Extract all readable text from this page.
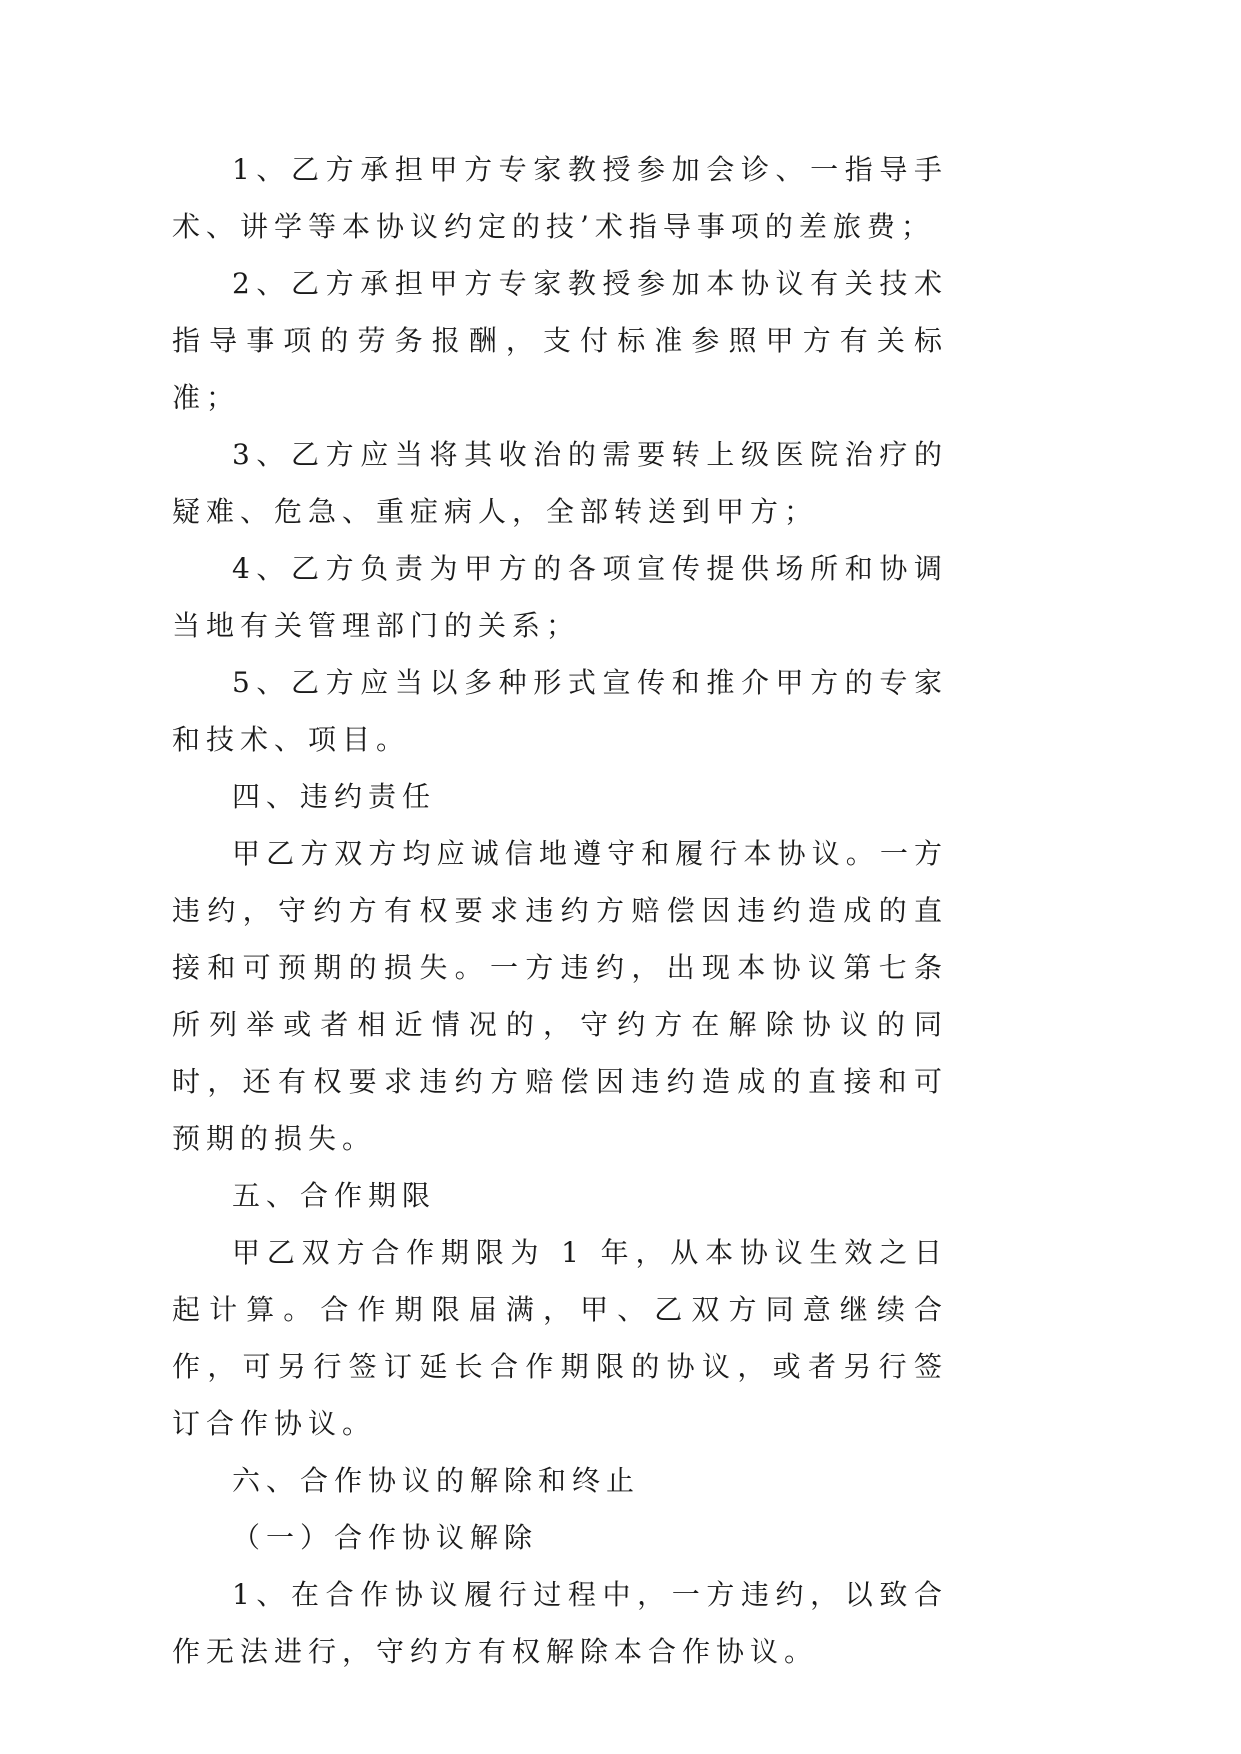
1、乙方承担甲方专家教授参加会诊、一指导手术、讲学等本协议约定的技’术指导事项的差旅费；

2、乙方承担甲方专家教授参加本协议有关技术指导事项的劳务报酬，支付标准参照甲方有关标准；

3、乙方应当将其收治的需要转上级医院治疗的疑难、危急、重症病人，全部转送到甲方；

4、乙方负责为甲方的各项宣传提供场所和协调当地有关管理部门的关系；

5、乙方应当以多种形式宣传和推介甲方的专家和技术、项目。

四、违约责任

甲乙方双方均应诚信地遵守和履行本协议。一方违约，守约方有权要求违约方赔偿因违约造成的直接和可预期的损失。一方违约，出现本协议第七条所列举或者相近情况的，守约方在解除协议的同时，还有权要求违约方赔偿因违约造成的直接和可预期的损失。

五、合作期限

甲乙双方合作期限为 1 年，从本协议生效之日起计算。合作期限届满，甲、乙双方同意继续合作，可另行签订延长合作期限的协议，或者另行签订合作协议。

六、合作协议的解除和终止

（一）合作协议解除

1、在合作协议履行过程中，一方违约，以致合作无法进行，守约方有权解除本合作协议。
